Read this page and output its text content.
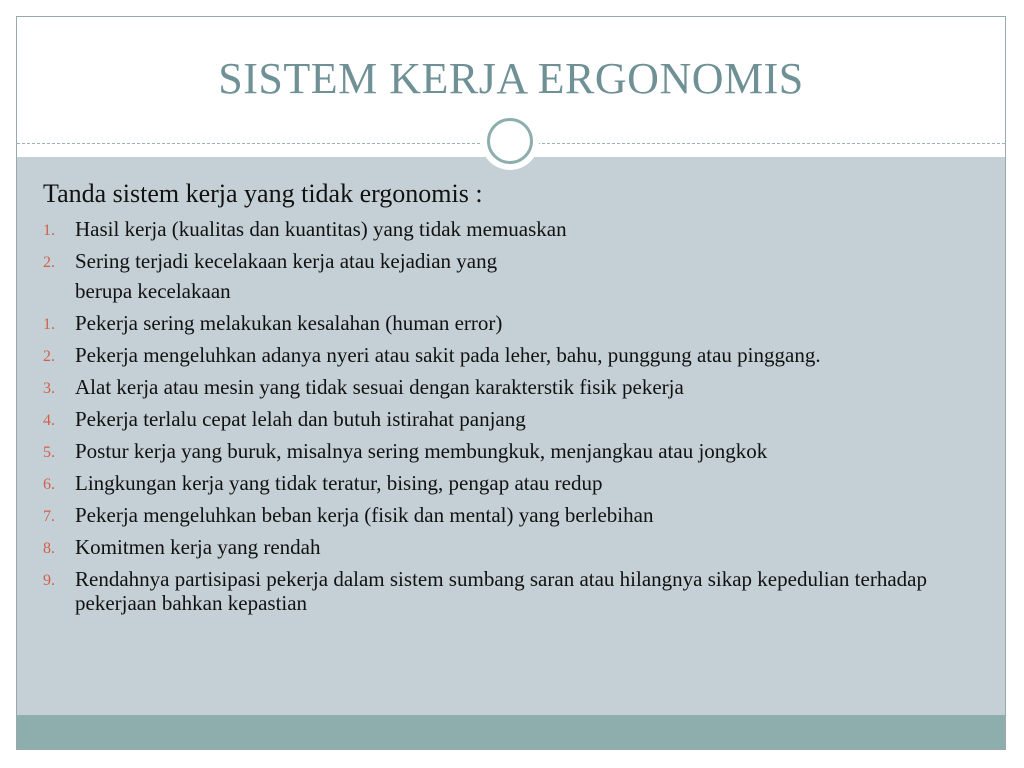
SISTEM KERJA ERGONOMIS

Tanda sistem kerja yang tidak ergonomis :

1. Hasil kerja (kualitas dan kuantitas) yang tidak memuaskan
2. Sering terjadi kecelakaan kerja atau kejadian yang
berupa kecelakaan
1. Pekerja sering melakukan kesalahan (human error)
2. Pekerja mengeluhkan adanya nyeri atau sakit pada leher, bahu, punggung atau pinggang.
3. Alat kerja atau mesin yang tidak sesuai dengan karakterstik fisik pekerja
4. Pekerja terlalu cepat lelah dan butuh istirahat panjang
5. Postur kerja yang buruk, misalnya sering membungkuk, menjangkau atau jongkok
6. Lingkungan kerja yang tidak teratur, bising, pengap atau redup
7. Pekerja mengeluhkan beban kerja (fisik dan mental) yang berlebihan
8. Komitmen kerja yang rendah
9. Rendahnya partisipasi pekerja dalam sistem sumbang saran atau hilangnya sikap kepedulian terhadap pekerjaan bahkan kepastian
